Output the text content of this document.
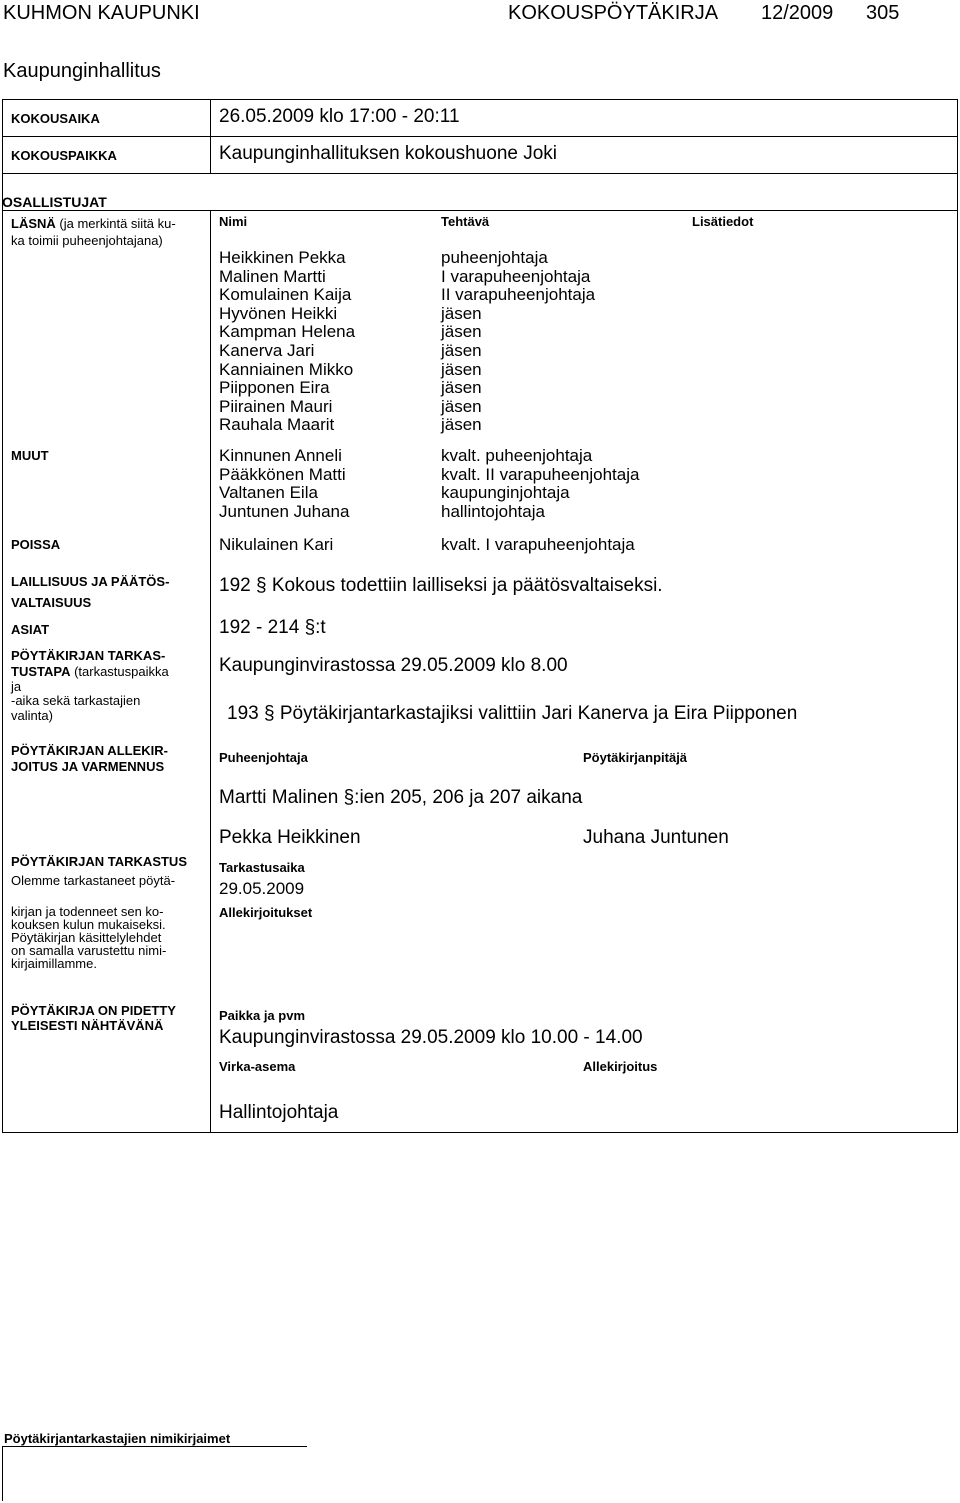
KUHMON KAUPUNKI	KOKOUSPÖYTÄKIRJA 12/2009 305
Kaupunginhallitus
KOKOUSAIKA	26.05.2009 klo 17:00 - 20:11
KOKOUSPAIKKA	Kaupunginhallituksen kokoushuone Joki
OSALLISTUJAT
LÄSNÄ (ja merkintä siitä ku-
ka toimii puheenjohtajana)
Nimi	Tehtävä	Lisätiedot
Heikkinen Pekka	puheenjohtaja
Malinen Martti	I varapuheenjohtaja
Komulainen Kaija	II varapuheenjohtaja
Hyvönen Heikki	jäsen
Kampman Helena	jäsen
Kanerva Jari	jäsen
Kanniainen Mikko	jäsen
Piipponen Eira	jäsen
Piirainen Mauri	jäsen
Rauhala Maarit	jäsen
MUUT	Kinnunen Anneli	kvalt. puheenjohtaja
Pääkkönen Matti	kvalt. II varapuheenjohtaja
Valtanen Eila	kaupunginjohtaja
Juntunen Juhana	hallintojohtaja
POISSA	Nikulainen Kari	kvalt. I varapuheenjohtaja
LAILLISUUS JA PÄÄTÖS-
VALTAISUUS
192 § Kokous todettiin lailliseksi ja päätösvaltaiseksi.
ASIAT	192 - 214 §:t
PÖYTÄKIRJAN TARKAS-
TUSTAPA (tarkastuspaikka
ja
-aika sekä tarkastajien
valinta)
Kaupunginvirastossa 29.05.2009 klo 8.00
193 § Pöytäkirjantarkastajiksi valittiin Jari Kanerva ja Eira Piipponen
PÖYTÄKIRJAN ALLEKIR-
JOITUS JA VARMENNUS
Puheenjohtaja	Pöytäkirjanpitäjä
Martti Malinen §:ien 205, 206 ja 207 aikana
Pekka Heikkinen	Juhana Juntunen
PÖYTÄKIRJAN TARKASTUS
Olemme tarkastaneet pöytä-
kirjan ja todenneet sen ko-
kouksen kulun mukaiseksi.
Pöytäkirjan käsittelylehdet
on samalla varustettu nimi-
kirjaimillamme.
Tarkastusaika
29.05.2009
Allekirjoitukset
PÖYTÄKIRJA ON PIDETTY
YLEISESTI NÄHTÄVÄNÄ
Paikka ja pvm
Kaupunginvirastossa 29.05.2009 klo 10.00 - 14.00
Virka-asema	Allekirjoitus
Hallintojohtaja
Pöytäkirjantarkastajien nimikirjaimet
